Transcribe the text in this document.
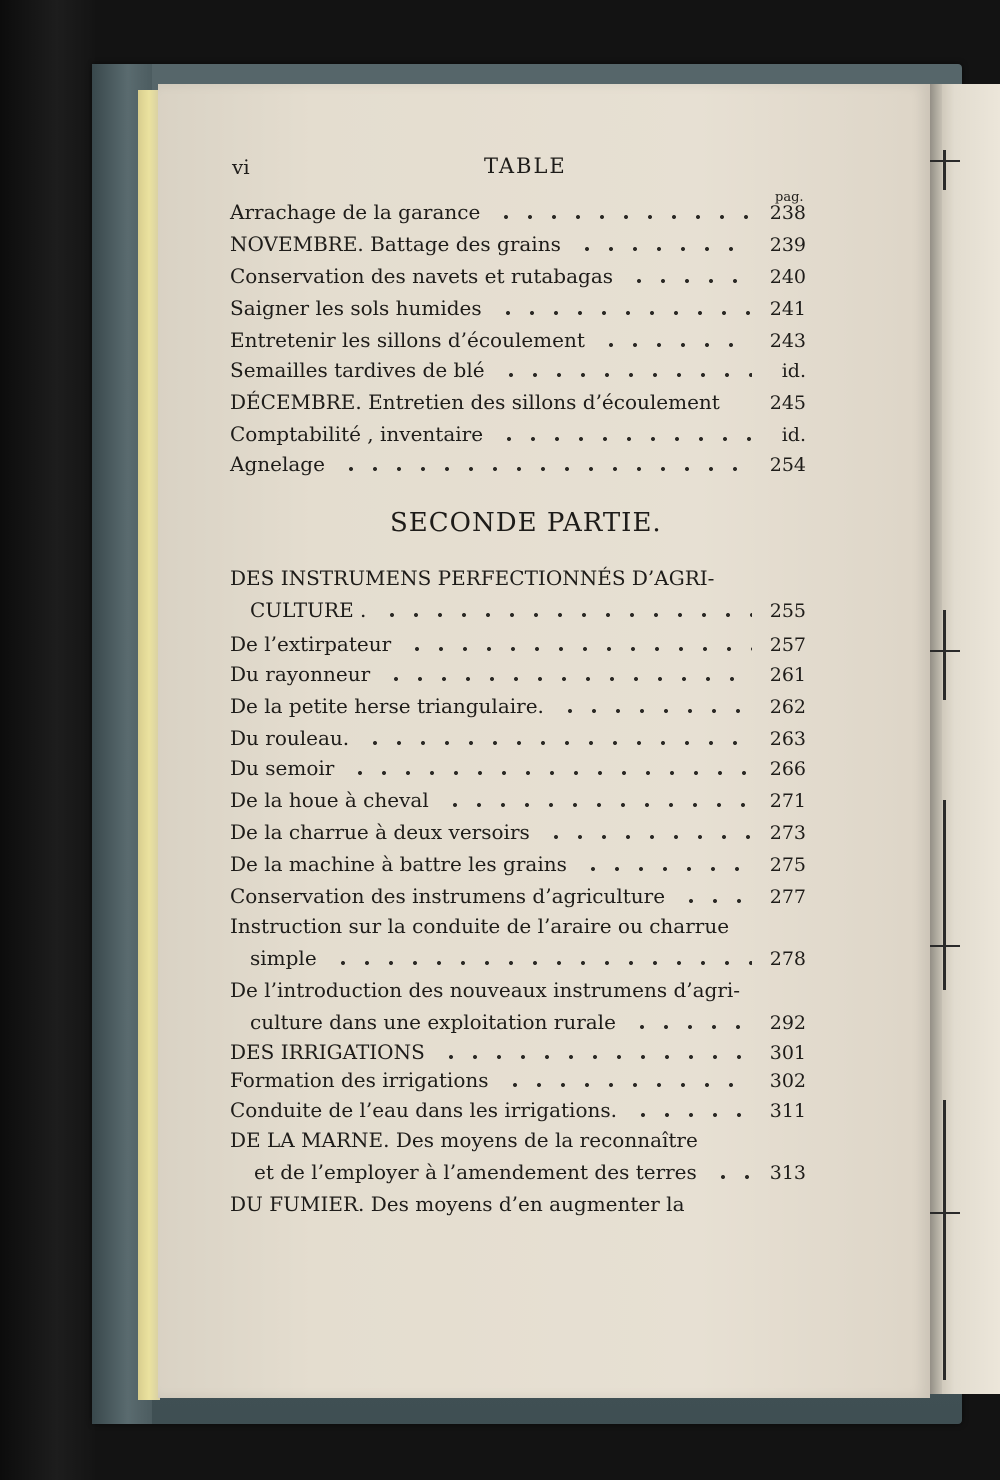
vi	TABLE
pag.
Arrachage de la garance	238
NOVEMBRE. Battage des grains	239
Conservation des navets et rutabagas	240
Saigner les sols humides	241
Entretenir les sillons d’écoulement	243
Semailles tardives de blé	id.
DÉCEMBRE. Entretien des sillons d’écoulement	245
Comptabilité , inventaire	id.
Agnelage	254
SECONDE PARTIE.
DES INSTRUMENS PERFECTIONNÉS D’AGRI-
CULTURE .	255
De l’extirpateur	257
Du rayonneur	261
De la petite herse triangulaire.	262
Du rouleau.	263
Du semoir	266
De la houe à cheval	271
De la charrue à deux versoirs	273
De la machine à battre les grains	275
Conservation des instrumens d’agriculture	277
Instruction sur la conduite de l’araire ou charrue
simple	278
De l’introduction des nouveaux instrumens d’agri-
culture dans une exploitation rurale	292
DES IRRIGATIONS	301
Formation des irrigations	302
Conduite de l’eau dans les irrigations.	311
DE LA MARNE. Des moyens de la reconnaître
et de l’employer à l’amendement des terres	313
DU FUMIER. Des moyens d’en augmenter la
